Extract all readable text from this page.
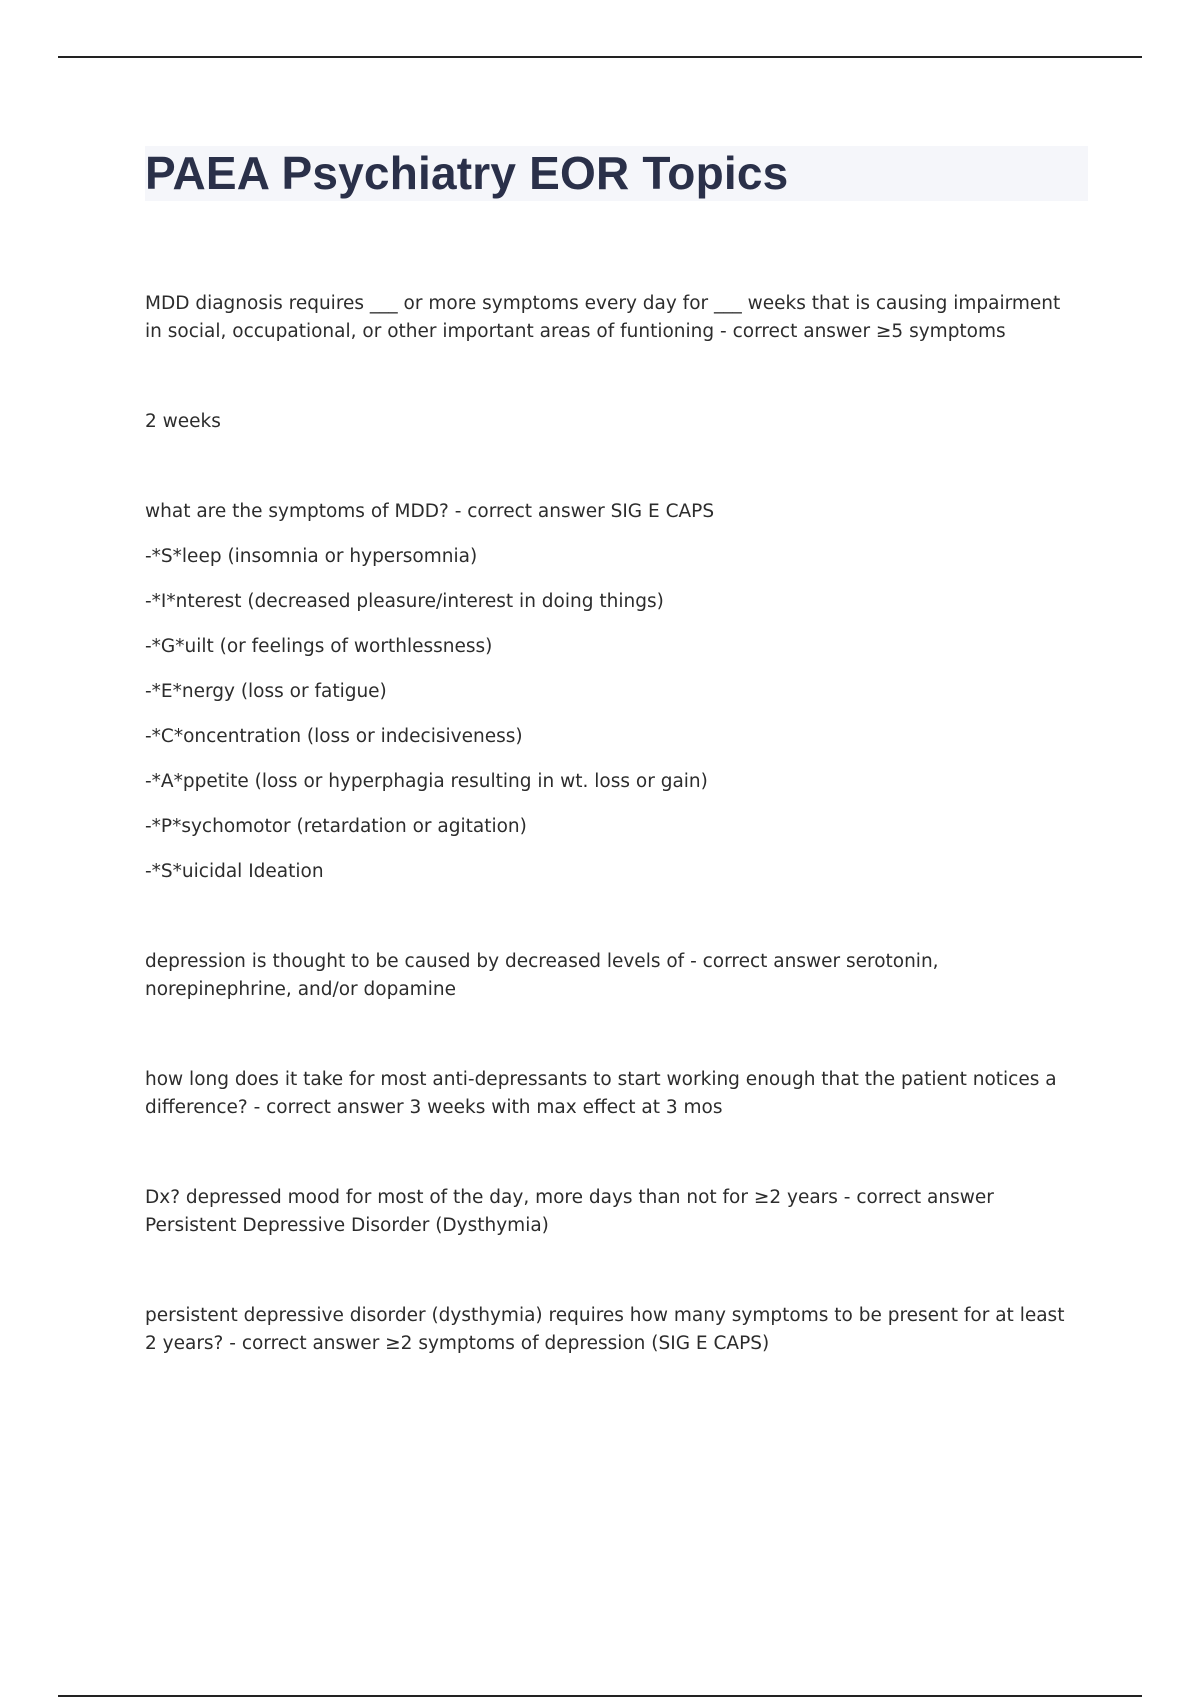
PAEA Psychiatry EOR Topics

MDD diagnosis requires ___ or more symptoms every day for ___ weeks that is causing impairment in social, occupational, or other important areas of funtioning - correct answer ≥5 symptoms

2 weeks

what are the symptoms of MDD? - correct answer SIG E CAPS

-*S*leep (insomnia or hypersomnia)

-*I*nterest (decreased pleasure/interest in doing things)

-*G*uilt (or feelings of worthlessness)

-*E*nergy (loss or fatigue)

-*C*oncentration (loss or indecisiveness)

-*A*ppetite (loss or hyperphagia resulting in wt. loss or gain)

-*P*sychomotor (retardation or agitation)

-*S*uicidal Ideation

depression is thought to be caused by decreased levels of - correct answer serotonin, norepinephrine, and/or dopamine

how long does it take for most anti-depressants to start working enough that the patient notices a difference? - correct answer 3 weeks with max effect at 3 mos

Dx? depressed mood for most of the day, more days than not for ≥2 years - correct answer Persistent Depressive Disorder (Dysthymia)

persistent depressive disorder (dysthymia) requires how many symptoms to be present for at least 2 years? - correct answer ≥2 symptoms of depression (SIG E CAPS)
